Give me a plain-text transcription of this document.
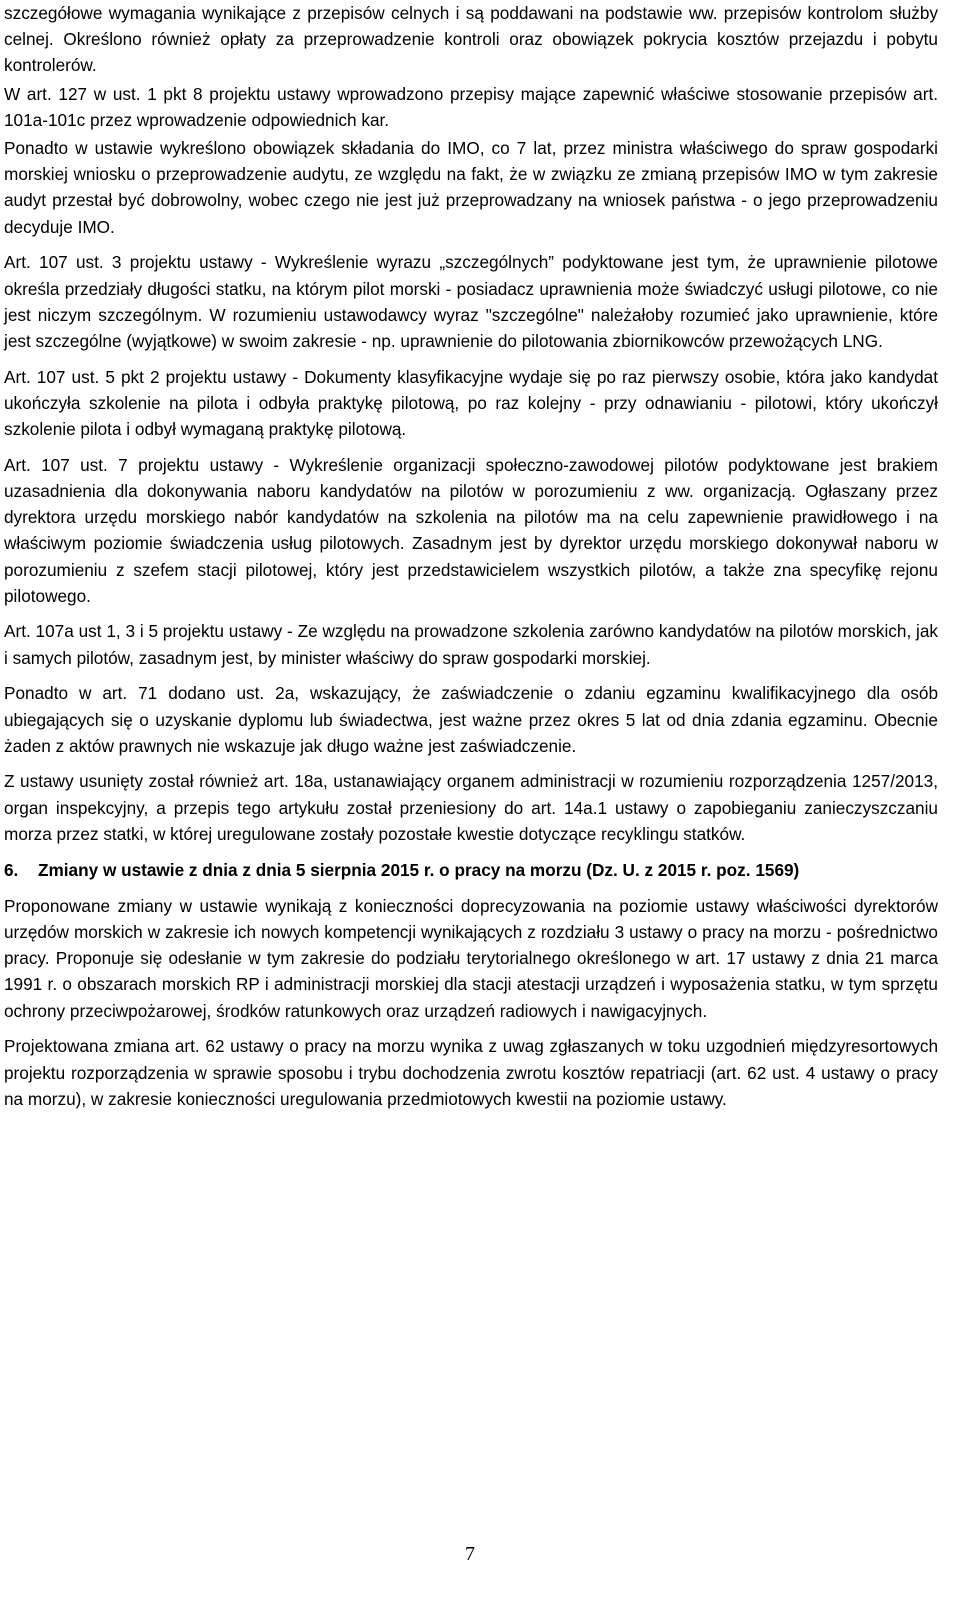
szczegółowe wymagania wynikające z przepisów celnych i są poddawani na podstawie ww. przepisów kontrolom służby celnej. Określono również opłaty za przeprowadzenie kontroli oraz obowiązek pokrycia kosztów przejazdu i pobytu kontrolerów.

W art. 127 w ust. 1 pkt 8 projektu ustawy wprowadzono przepisy mające zapewnić właściwe stosowanie przepisów art. 101a-101c przez wprowadzenie odpowiednich kar.

Ponadto w ustawie wykreślono obowiązek składania do IMO, co 7 lat, przez ministra właściwego do spraw gospodarki morskiej wniosku o przeprowadzenie audytu, ze względu na fakt, że w związku ze zmianą przepisów IMO w tym zakresie audyt przestał być dobrowolny, wobec czego nie jest już przeprowadzany na wniosek państwa - o jego przeprowadzeniu decyduje IMO.

Art. 107 ust. 3 projektu ustawy - Wykreślenie wyrazu „szczególnych” podyktowane jest tym, że uprawnienie pilotowe określa przedziały długości statku, na którym pilot morski - posiadacz uprawnienia może świadczyć usługi pilotowe, co nie jest niczym szczególnym. W rozumieniu ustawodawcy wyraz "szczególne" należałoby rozumieć jako uprawnienie, które jest szczególne (wyjątkowe) w swoim zakresie - np. uprawnienie do pilotowania zbiornikowców przewożących LNG.

Art. 107 ust. 5 pkt 2 projektu ustawy - Dokumenty klasyfikacyjne wydaje się po raz pierwszy osobie, która jako kandydat ukończyła szkolenie na pilota i odbyła praktykę pilotową, po raz kolejny - przy odnawianiu - pilotowi, który ukończył szkolenie pilota i odbył wymaganą praktykę pilotową.

Art. 107 ust. 7 projektu ustawy - Wykreślenie organizacji społeczno-zawodowej pilotów podyktowane jest brakiem uzasadnienia dla dokonywania naboru kandydatów na pilotów w porozumieniu z ww. organizacją. Ogłaszany przez dyrektora urzędu morskiego nabór kandydatów na szkolenia na pilotów ma na celu zapewnienie prawidłowego i na właściwym poziomie świadczenia usług pilotowych. Zasadnym jest by dyrektor urzędu morskiego dokonywał naboru w porozumieniu z szefem stacji pilotowej, który jest przedstawicielem wszystkich pilotów, a także zna specyfikę rejonu pilotowego.

Art. 107a ust 1, 3 i 5 projektu ustawy - Ze względu na prowadzone szkolenia zarówno kandydatów na pilotów morskich, jak i samych pilotów, zasadnym jest, by minister właściwy do spraw gospodarki morskiej.

Ponadto w art. 71 dodano ust. 2a, wskazujący, że zaświadczenie o zdaniu egzaminu kwalifikacyjnego dla osób ubiegających się o uzyskanie dyplomu lub świadectwa, jest ważne przez okres 5 lat od dnia zdania egzaminu. Obecnie żaden z aktów prawnych nie wskazuje jak długo ważne jest zaświadczenie.

Z ustawy usunięty został również art. 18a, ustanawiający organem administracji w rozumieniu rozporządzenia 1257/2013, organ inspekcyjny, a przepis tego artykułu został przeniesiony do art. 14a.1 ustawy o zapobieganiu zanieczyszczaniu morza przez statki, w której uregulowane zostały pozostałe kwestie dotyczące recyklingu statków.

6. Zmiany w ustawie z dnia z dnia 5 sierpnia 2015 r. o pracy na morzu (Dz. U. z 2015 r. poz. 1569)

Proponowane zmiany w ustawie wynikają z konieczności doprecyzowania na poziomie ustawy właściwości dyrektorów urzędów morskich w zakresie ich nowych kompetencji wynikających z rozdziału 3 ustawy o pracy na morzu - pośrednictwo pracy. Proponuje się odesłanie w tym zakresie do podziału terytorialnego określonego w art. 17 ustawy z dnia 21 marca 1991 r. o obszarach morskich RP i administracji morskiej dla stacji atestacji urządzeń i wyposażenia statku, w tym sprzętu ochrony przeciwpożarowej, środków ratunkowych oraz urządzeń radiowych i nawigacyjnych.

Projektowana zmiana art. 62 ustawy o pracy na morzu wynika z uwag zgłaszanych w toku uzgodnień międzyresortowych projektu rozporządzenia w sprawie sposobu i trybu dochodzenia zwrotu kosztów repatriacji (art. 62 ust. 4 ustawy o pracy na morzu), w zakresie konieczności uregulowania przedmiotowych kwestii na poziomie ustawy.

7
